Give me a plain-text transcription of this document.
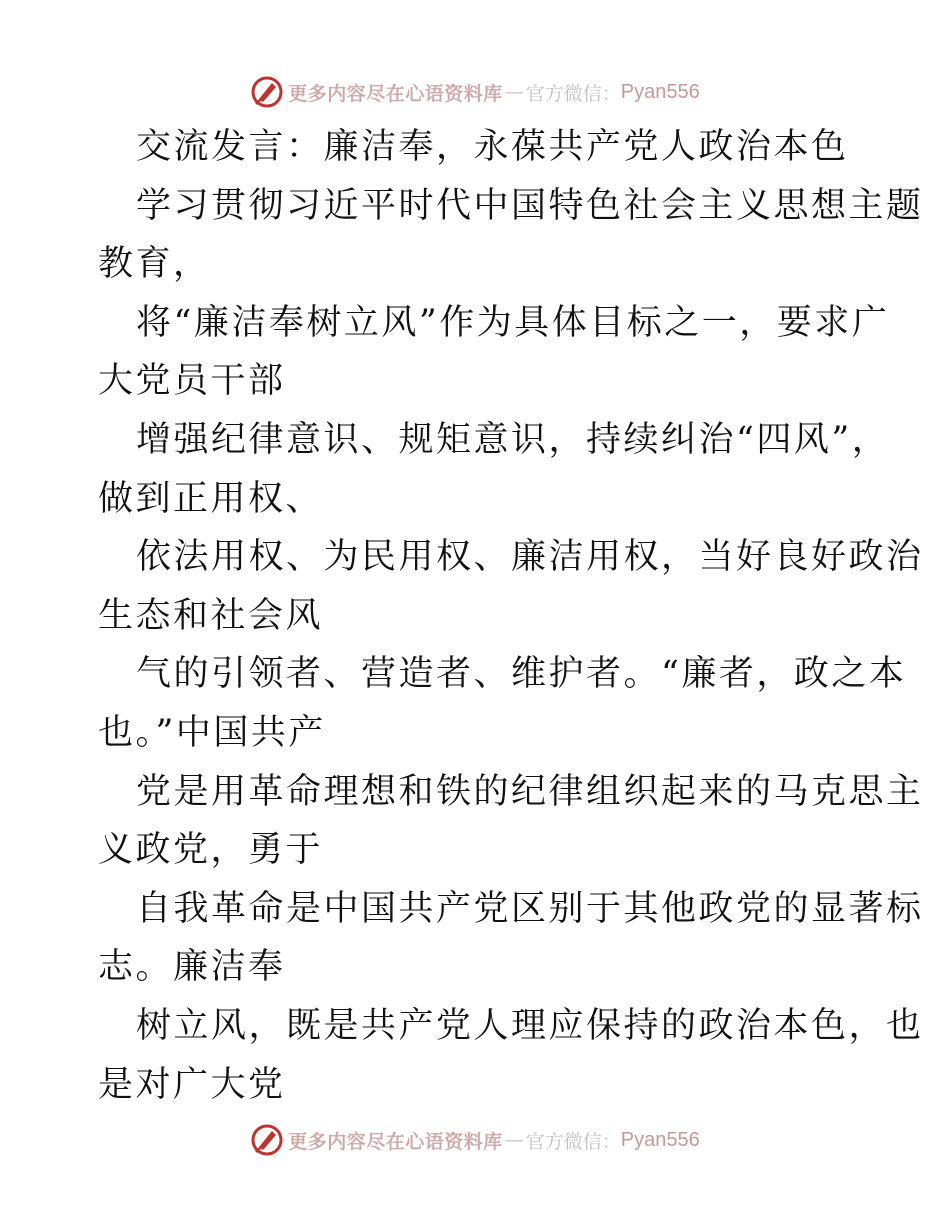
更多内容尽在心语资料库 — 官方微信： Pyan556
交流发言：廉洁奉，永葆共产党人政治本色
学习贯彻习近平时代中国特色社会主义思想主题
教育，
将“廉洁奉树立风”作为具体目标之一，要求广
大党员干部
增强纪律意识、规矩意识，持续纠治“四风”，
做到正用权、
依法用权、为民用权、廉洁用权，当好良好政治
生态和社会风
气的引领者、营造者、维护者。“廉者，政之本
也。”中国共产
党是用革命理想和铁的纪律组织起来的马克思主
义政党，勇于
自我革命是中国共产党区别于其他政党的显著标
志。廉洁奉
树立风，既是共产党人理应保持的政治本色，也
是对广大党
更多内容尽在心语资料库 — 官方微信： Pyan556
